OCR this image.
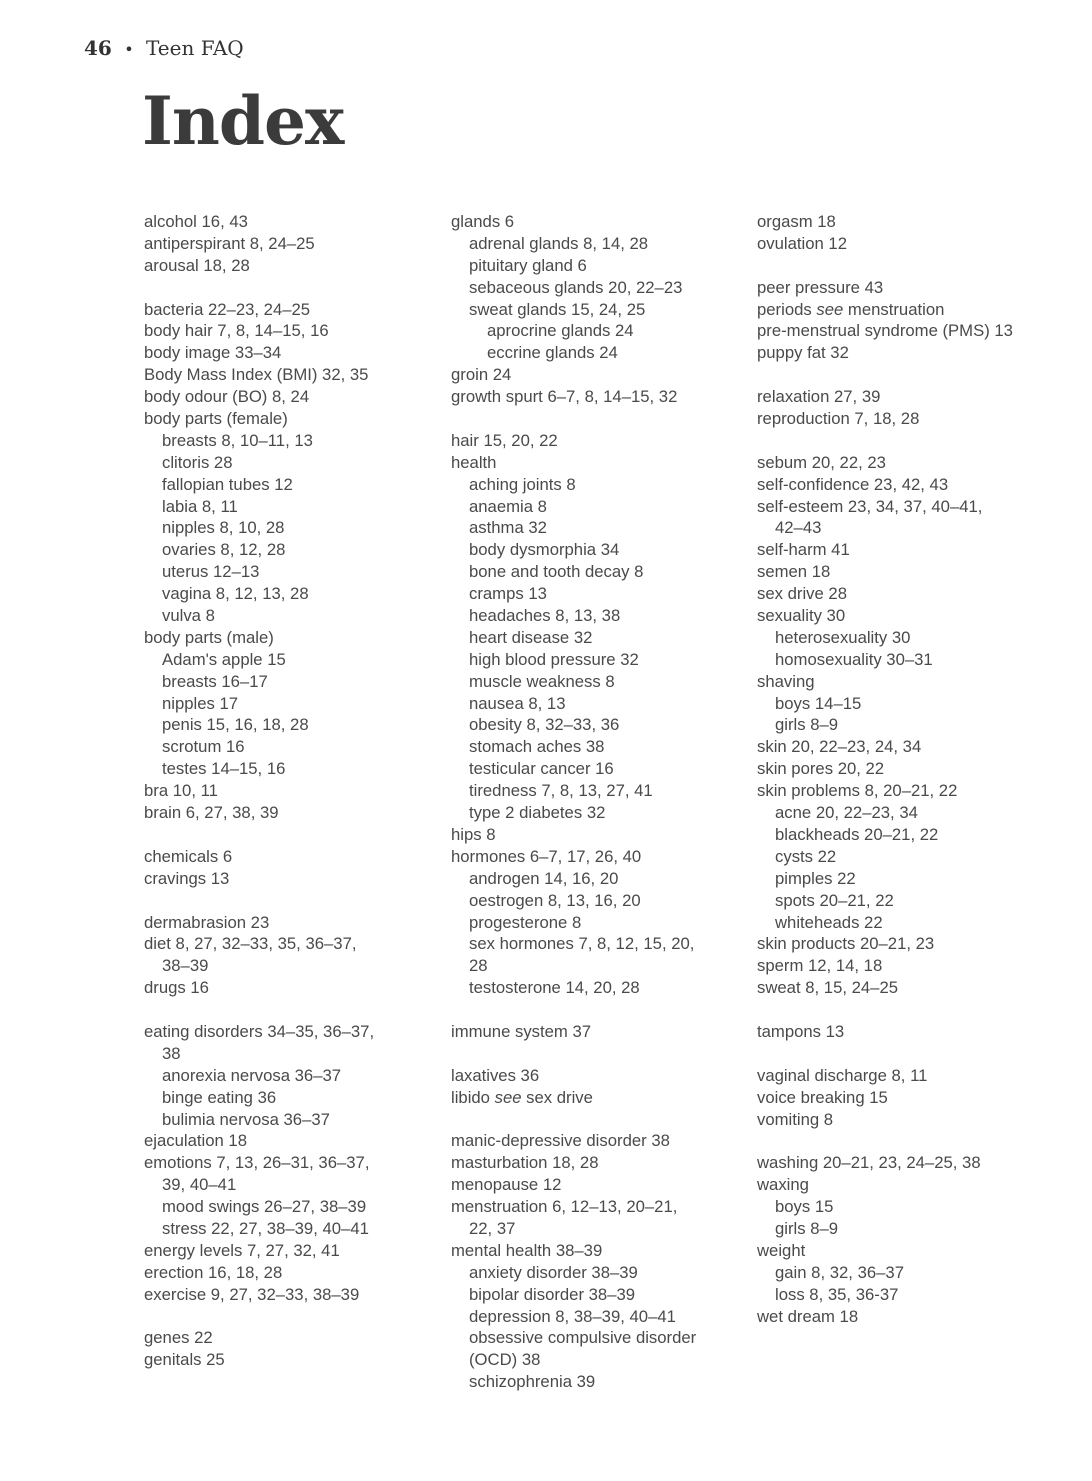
46 • Teen FAQ
Index
alcohol 16, 43
antiperspirant 8, 24–25
arousal 18, 28
bacteria 22–23, 24–25
body hair 7, 8, 14–15, 16
body image 33–34
Body Mass Index (BMI) 32, 35
body odour (BO) 8, 24
body parts (female)
breasts 8, 10–11, 13
clitoris 28
fallopian tubes 12
labia 8, 11
nipples 8, 10, 28
ovaries 8, 12, 28
uterus 12–13
vagina 8, 12, 13, 28
vulva 8
body parts (male)
Adam's apple 15
breasts 16–17
nipples 17
penis 15, 16, 18, 28
scrotum 16
testes 14–15, 16
bra 10, 11
brain 6, 27, 38, 39
chemicals 6
cravings 13
dermabrasion 23
diet 8, 27, 32–33, 35, 36–37,
38–39
drugs 16
eating disorders 34–35, 36–37,
38
anorexia nervosa 36–37
binge eating 36
bulimia nervosa 36–37
ejaculation 18
emotions 7, 13, 26–31, 36–37,
39, 40–41
mood swings 26–27, 38–39
stress 22, 27, 38–39, 40–41
energy levels 7, 27, 32, 41
erection 16, 18, 28
exercise 9, 27, 32–33, 38–39
genes 22
genitals 25
glands 6
adrenal glands 8, 14, 28
pituitary gland 6
sebaceous glands 20, 22–23
sweat glands 15, 24, 25
aprocrine glands 24
eccrine glands 24
groin 24
growth spurt 6–7, 8, 14–15, 32
hair 15, 20, 22
health
aching joints 8
anaemia 8
asthma 32
body dysmorphia 34
bone and tooth decay 8
cramps 13
headaches 8, 13, 38
heart disease 32
high blood pressure 32
muscle weakness 8
nausea 8, 13
obesity 8, 32–33, 36
stomach aches 38
testicular cancer 16
tiredness 7, 8, 13, 27, 41
type 2 diabetes 32
hips 8
hormones 6–7, 17, 26, 40
androgen 14, 16, 20
oestrogen 8, 13, 16, 20
progesterone 8
sex hormones 7, 8, 12, 15, 20,
28
testosterone 14, 20, 28
immune system 37
laxatives 36
libido see sex drive
manic-depressive disorder 38
masturbation 18, 28
menopause 12
menstruation 6, 12–13, 20–21,
22, 37
mental health 38–39
anxiety disorder 38–39
bipolar disorder 38–39
depression 8, 38–39, 40–41
obsessive compulsive disorder
(OCD) 38
schizophrenia 39
orgasm 18
ovulation 12
peer pressure 43
periods see menstruation
pre-menstrual syndrome (PMS) 13
puppy fat 32
relaxation 27, 39
reproduction 7, 18, 28
sebum 20, 22, 23
self-confidence 23, 42, 43
self-esteem 23, 34, 37, 40–41,
42–43
self-harm 41
semen 18
sex drive 28
sexuality 30
heterosexuality 30
homosexuality 30–31
shaving
boys 14–15
girls 8–9
skin 20, 22–23, 24, 34
skin pores 20, 22
skin problems 8, 20–21, 22
acne 20, 22–23, 34
blackheads 20–21, 22
cysts 22
pimples 22
spots 20–21, 22
whiteheads 22
skin products 20–21, 23
sperm 12, 14, 18
sweat 8, 15, 24–25
tampons 13
vaginal discharge 8, 11
voice breaking 15
vomiting 8
washing 20–21, 23, 24–25, 38
waxing
boys 15
girls 8–9
weight
gain 8, 32, 36–37
loss 8, 35, 36-37
wet dream 18
